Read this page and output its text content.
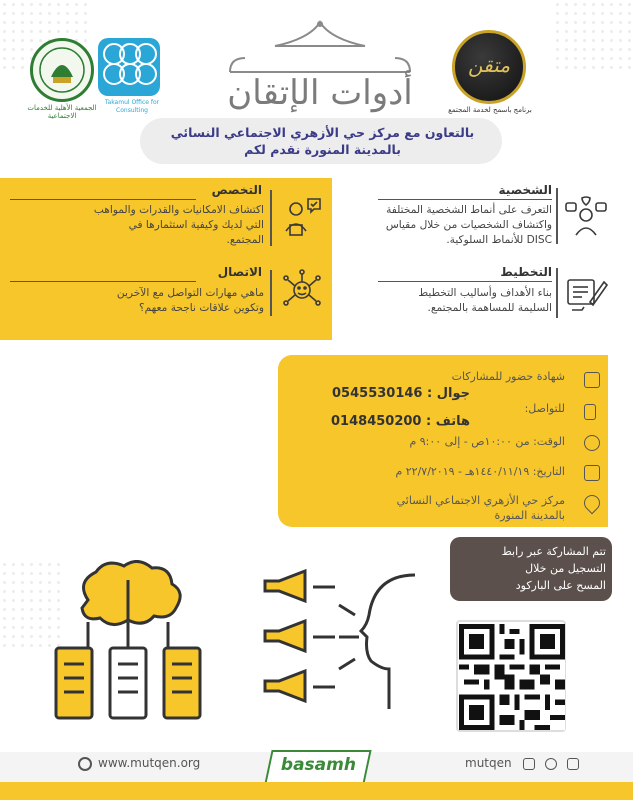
الجمعية الأهلية للخدمات الاجتماعية
Takamul Office for Consulting	أدوات الإتقان
متقن
برنامج باسمح لخدمة المجتمع
بالتعاون مع مركز حي الأزهري الاجتماعي النسائي
بالمدينة المنورة نقدم لكم
التخصص
اكتشاف الامكانيات والقدرات والمواهب
التي لديك وكيفية استثمارها في
المجتمع.
الاتصال
ماهي مهارات التواصل مع الآخرين
وتكوين علاقات ناجحة معهم؟
الشخصية
التعرف على أنماط الشخصية المختلفة
واكتشاف الشخصيات من خلال مقياس
DISC للأنماط السلوكية.
التخطيط
بناء الأهداف وأساليب التخطيط
السليمة للمساهمة بالمجتمع.
شهادة حضور للمشاركات
للتواصل:
جوال : 0545530146
هاتف : 0148450200
الوقت: من ١٠:٠٠ص - إلى ٩:٠٠ م
التاريخ: ١٤٤٠/١١/١٩هـ - ٢٢/٧/٢٠١٩ م
مركز حي الأزهري الاجتماعي النسائي
بالمدينة المنورة
تتم المشاركة عبر رابط
التسجيل من خلال
المسح على الباركود
www.mutqen.org	basamh	mutqen
